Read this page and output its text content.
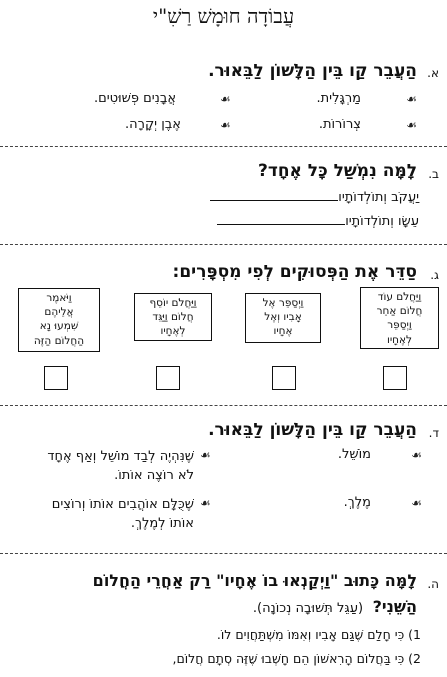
עֲבוֹדָה חוּמָשׁ רַשִׁ"י
א.
הַעֲבֵר קַו בֵּין הַלָּשׁוֹן לַבֵּאוּר.
מַרְגָּלִית.	☙
☙
אֲבָנִים פְּשׁוּטִים.
צְרוֹרוֹת.	☙
☙
אֶבֶן יְקָרָה.
ב.
לָמָּה נִמְשַׁל כָּל אֶחָד?
יַעֲקֹב וְתוֹלְדוֹתָיו
עֵשָׂו וְתוֹלְדוֹתָיו
ג.
סַדֵּר אֶת הַפְּסוּקִים לְפִי מִסְפָּרִים:
וַיַּחֲלֹם עוֹד
חֲלוֹם אַחֵר
וַיְסַפֵּר
לְאֶחָיו
וַיְסַפֵּר אֶל
אָבִיו וְאֶל
אֶחָיו
וַיַּחֲלֹם יוֹסֵף
חֲלוֹם וַיַּגֵּד
לְאֶחָיו
וַיֹּאמֶר
אֲלֵיהֶם
שִׁמְעוּ נָא
הַחֲלוֹם הַזֶּה
ד.
הַעֲבֵר קַו בֵּין הַלָּשׁוֹן לַבֵּאוּר.
מוֹשֵׁל.	☙
☙
שֶׁנִּהְיֶה לְבַד מוֹשֵׁל וְאַף אֶחָד
לֹא רוֹצֶה אוֹתוֹ.
מֶלֶךְ.	☙
☙
שֶׁכֻּלָּם אוֹהֲבִים אוֹתוֹ וְרוֹצִים
אוֹתוֹ לְמֶלֶךְ.
ה.
לָמָּה כָּתוּב "וַיְקַנְאוּ בוֹ אֶחָיו" רַק אַחֲרֵי הַחֲלוֹם
הַשֵּׁנִי? (עַגֵּל תְּשׁוּבָה נְכוֹנָה).
1) כִּי חָלַם שֶׁגַּם אָבִיו וְאִמּוֹ מִשְׁתַּחֲוִים לוֹ.
2) כִּי בַּחֲלוֹם הָרִאשׁוֹן הֵם חָשְׁבוּ שֶׁזֶּה סְתָם חֲלוֹם,
